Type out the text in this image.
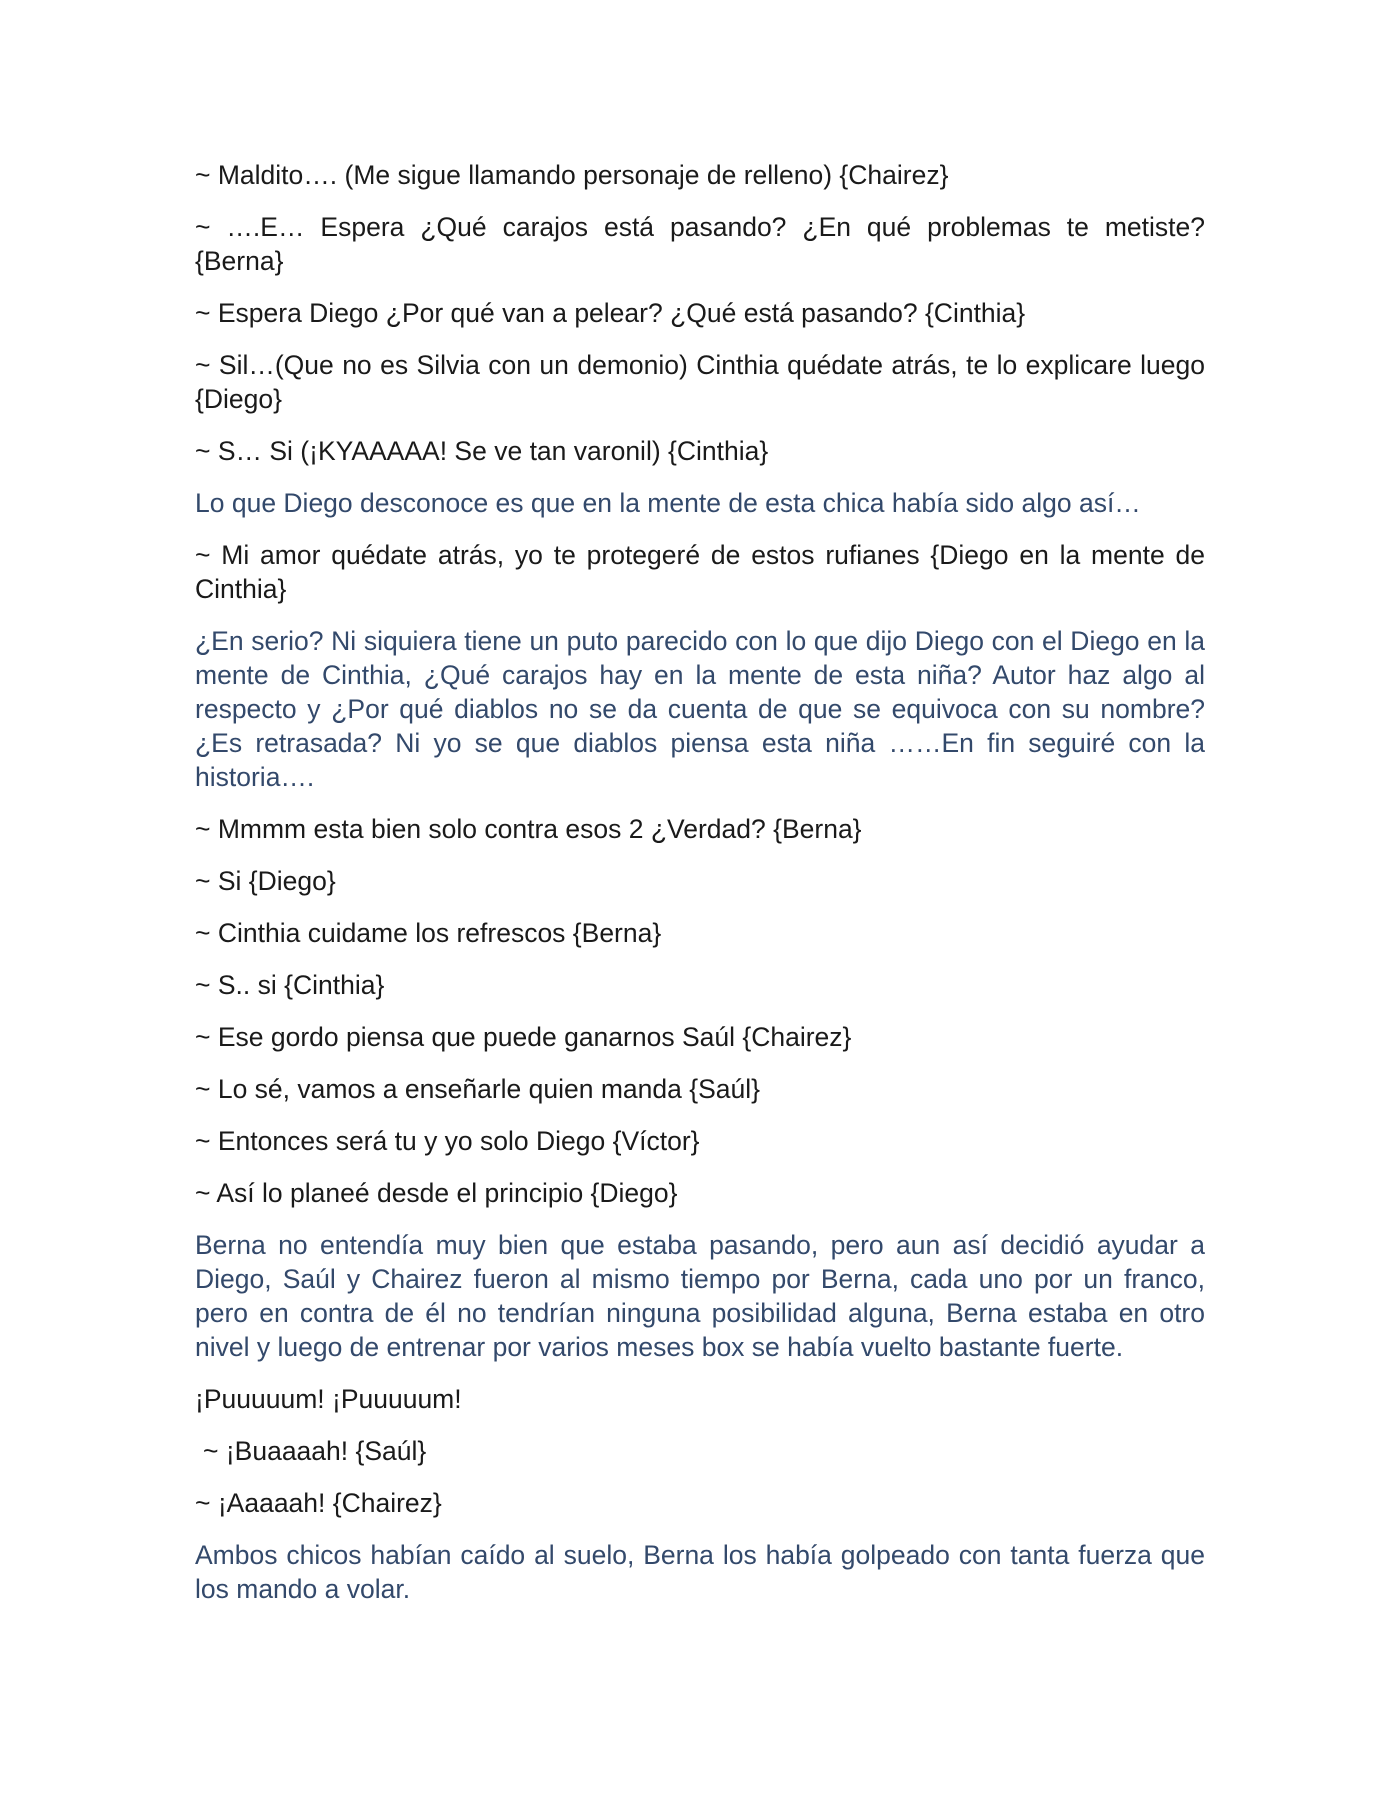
~ Maldito…. (Me sigue llamando personaje de relleno) {Chairez}

~ ….E… Espera ¿Qué carajos está pasando? ¿En qué problemas te metiste? {Berna}

~ Espera Diego ¿Por qué van a pelear? ¿Qué está pasando? {Cinthia}

~ Sil…(Que no es Silvia con un demonio) Cinthia quédate atrás, te lo explicare luego {Diego}

~ S… Si (¡KYAAAAA! Se ve tan varonil) {Cinthia}

Lo que Diego desconoce es que en la mente de esta chica había sido algo así…

~ Mi amor quédate atrás, yo te protegeré de estos rufianes {Diego en la mente de Cinthia}

¿En serio? Ni siquiera tiene un puto parecido con lo que dijo Diego con el Diego en la mente de Cinthia, ¿Qué carajos hay en la mente de esta niña? Autor haz algo al respecto y ¿Por qué diablos no se da cuenta de que se equivoca con su nombre? ¿Es retrasada? Ni yo se que diablos piensa esta niña ……En fin seguiré con la historia….

~ Mmmm esta bien solo contra esos 2 ¿Verdad? {Berna}

~ Si {Diego}

~ Cinthia cuidame los refrescos {Berna}

~ S.. si {Cinthia}

~ Ese gordo piensa que puede ganarnos Saúl {Chairez}

~ Lo sé, vamos a enseñarle quien manda {Saúl}

~ Entonces será tu y yo solo Diego {Víctor}

~ Así lo planeé desde el principio {Diego}

Berna no entendía muy bien que estaba pasando, pero aun así decidió ayudar a Diego, Saúl y Chairez fueron al mismo tiempo por Berna, cada uno por un franco, pero en contra de él no tendrían ninguna posibilidad alguna, Berna estaba en otro nivel y luego de entrenar por varios meses box se había vuelto bastante fuerte.

¡Puuuuum! ¡Puuuuum!

~ ¡Buaaaah! {Saúl}

~ ¡Aaaaah! {Chairez}

Ambos chicos habían caído al suelo, Berna los había golpeado con tanta fuerza que los mando a volar.
